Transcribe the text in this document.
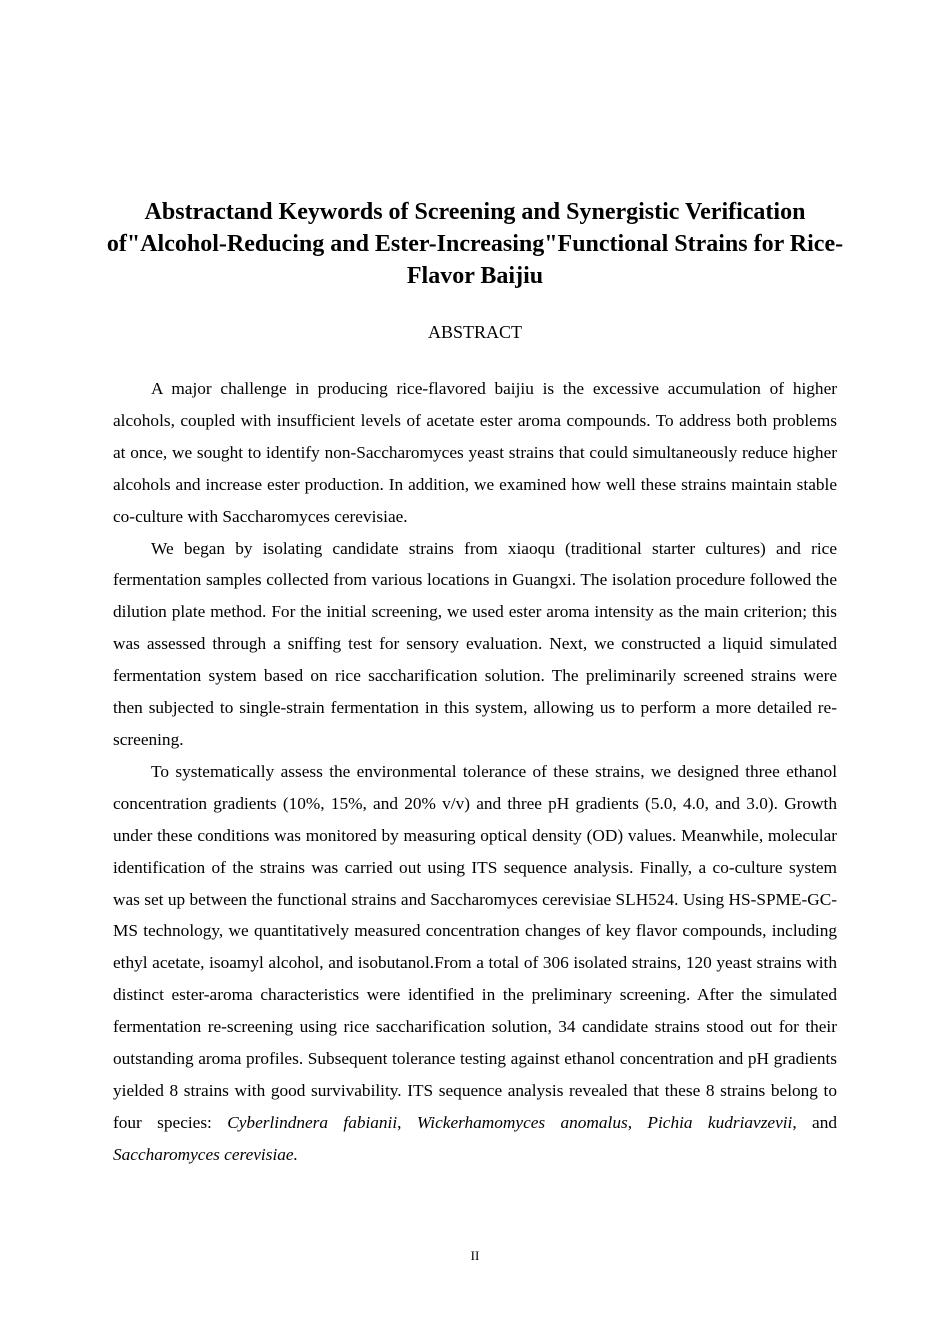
Abstractand Keywords of Screening and Synergistic Verification of"Alcohol-Reducing and Ester-Increasing"Functional Strains for Rice-Flavor Baijiu
ABSTRACT

A major challenge in producing rice-flavored baijiu is the excessive accumulation of higher alcohols, coupled with insufficient levels of acetate ester aroma compounds. To address both problems at once, we sought to identify non-Saccharomyces yeast strains that could simultaneously reduce higher alcohols and increase ester production. In addition, we examined how well these strains maintain stable co-culture with Saccharomyces cerevisiae.

We began by isolating candidate strains from xiaoqu (traditional starter cultures) and rice fermentation samples collected from various locations in Guangxi. The isolation procedure followed the dilution plate method. For the initial screening, we used ester aroma intensity as the main criterion; this was assessed through a sniffing test for sensory evaluation. Next, we constructed a liquid simulated fermentation system based on rice saccharification solution. The preliminarily screened strains were then subjected to single-strain fermentation in this system, allowing us to perform a more detailed re-screening.

To systematically assess the environmental tolerance of these strains, we designed three ethanol concentration gradients (10%, 15%, and 20% v/v) and three pH gradients (5.0, 4.0, and 3.0). Growth under these conditions was monitored by measuring optical density (OD) values. Meanwhile, molecular identification of the strains was carried out using ITS sequence analysis. Finally, a co-culture system was set up between the functional strains and Saccharomyces cerevisiae SLH524. Using HS-SPME-GC-MS technology, we quantitatively measured concentration changes of key flavor compounds, including ethyl acetate, isoamyl alcohol, and isobutanol.From a total of 306 isolated strains, 120 yeast strains with distinct ester-aroma characteristics were identified in the preliminary screening. After the simulated fermentation re-screening using rice saccharification solution, 34 candidate strains stood out for their outstanding aroma profiles. Subsequent tolerance testing against ethanol concentration and pH gradients yielded 8 strains with good survivability. ITS sequence analysis revealed that these 8 strains belong to four species: Cyberlindnera fabianii, Wickerhamomyces anomalus, Pichia kudriavzevii, and Saccharomyces cerevisiae.

II
